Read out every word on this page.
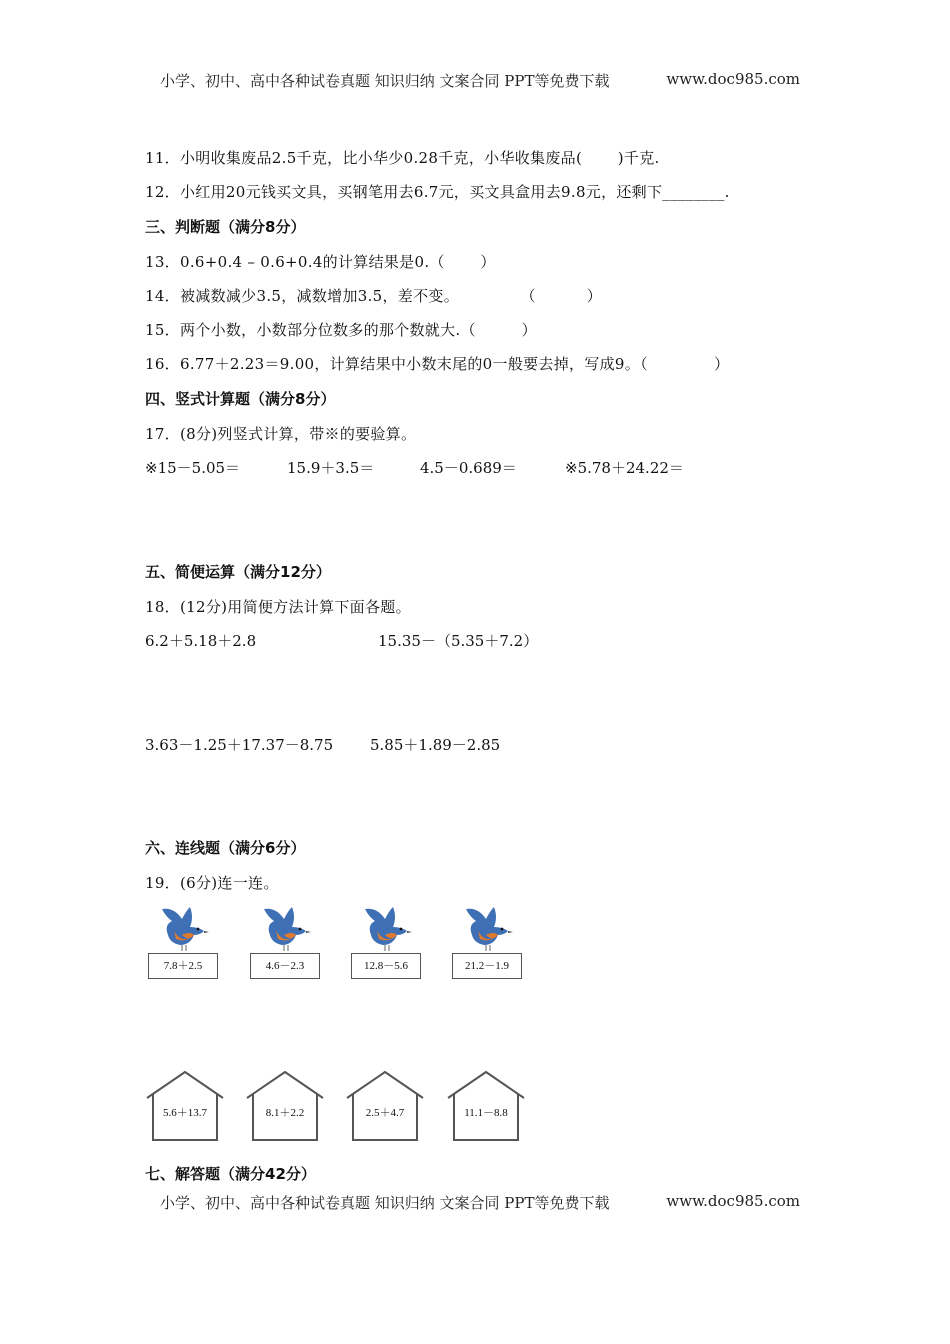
小学、初中、高中各种试卷真题 知识归纳 文案合同 PPT等免费下载	www.doc985.com
11．小明收集废品2.5千克，比小华少0.28千克，小华收集废品(　　 )千克.
12．小红用20元钱买文具，买钢笔用去6.7元，买文具盒用去9.8元，还剩下________.
三、判断题（满分8分）
13．0.6+0.4 – 0.6+0.4的计算结果是0.（　　 ）
14．被减数减少3.5，减数增加3.5，差不变。　　　　　（　　　 ）
15．两个小数，小数部分位数多的那个数就大.（　　　）
16．6.77＋2.23＝9.00，计算结果中小数末尾的0一般要去掉，写成9。（　　　　 ）
四、竖式计算题（满分8分）
17．(8分)列竖式计算，带※的要验算。
※15－5.05＝	15.9＋3.5＝	4.5－0.689＝	※5.78＋24.22＝
五、简便运算（满分12分）
18．(12分)用简便方法计算下面各题。
6.2＋5.18＋2.8	15.35－（5.35＋7.2）
3.63－1.25＋17.37－8.75 5.85＋1.89－2.85
六、连线题（满分6分）
19．(6分)连一连。
7.8＋2.5	4.6－2.3	12.8－5.6	21.2－1.9
5.6＋13.7	8.1＋2.2	2.5＋4.7	11.1－8.8
七、解答题（满分42分）
小学、初中、高中各种试卷真题 知识归纳 文案合同 PPT等免费下载	www.doc985.com
